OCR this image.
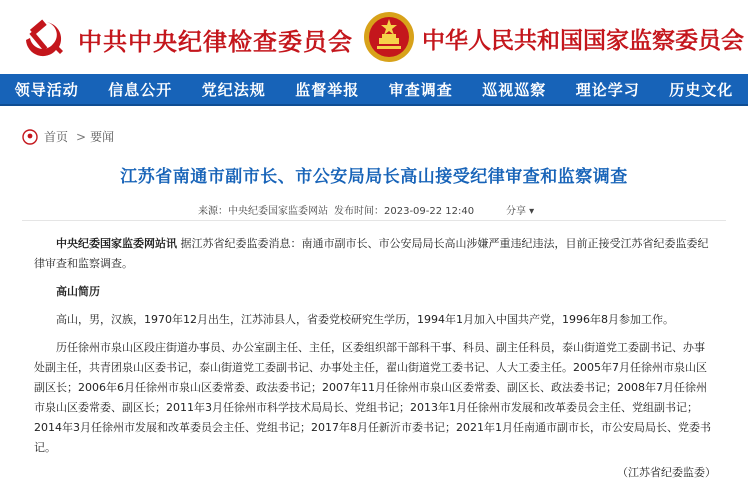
中共中央纪律检查委员会	中华人民共和国国家监察委员会
领导活动 信息公开 党纪法规 监督举报 审查调查 巡视巡察 理论学习 历史文化
首页 > 要闻
江苏省南通市副市长、市公安局局长高山接受纪律审查和监察调查
来源：中央纪委国家监委网站 发布时间：2023-09-22 12:40	分享 ▾

中央纪委国家监委网站讯 据江苏省纪委监委消息：南通市副市长、市公安局局长高山涉嫌严重违纪违法，目前正接受江苏省纪委监委纪律审查和监察调查。

高山简历

高山，男，汉族，1970年12月出生，江苏沛县人，省委党校研究生学历，1994年1月加入中国共产党，1996年8月参加工作。

历任徐州市泉山区段庄街道办事员、办公室副主任、主任，区委组织部干部科干事、科员、副主任科员，泰山街道党工委副书记、办事处副主任，共青团泉山区委书记，泰山街道党工委副书记、办事处主任，翟山街道党工委书记、人大工委主任。2005年7月任徐州市泉山区副区长；2006年6月任徐州市泉山区委常委、政法委书记；2007年11月任徐州市泉山区委常委、副区长、政法委书记；2008年7月任徐州市泉山区委常委、副区长；2011年3月任徐州市科学技术局局长、党组书记；2013年1月任徐州市发展和改革委员会主任、党组副书记；2014年3月任徐州市发展和改革委员会主任、党组书记；2017年8月任新沂市委书记；2021年1月任南通市副市长，市公安局局长、党委书记。

（江苏省纪委监委）
